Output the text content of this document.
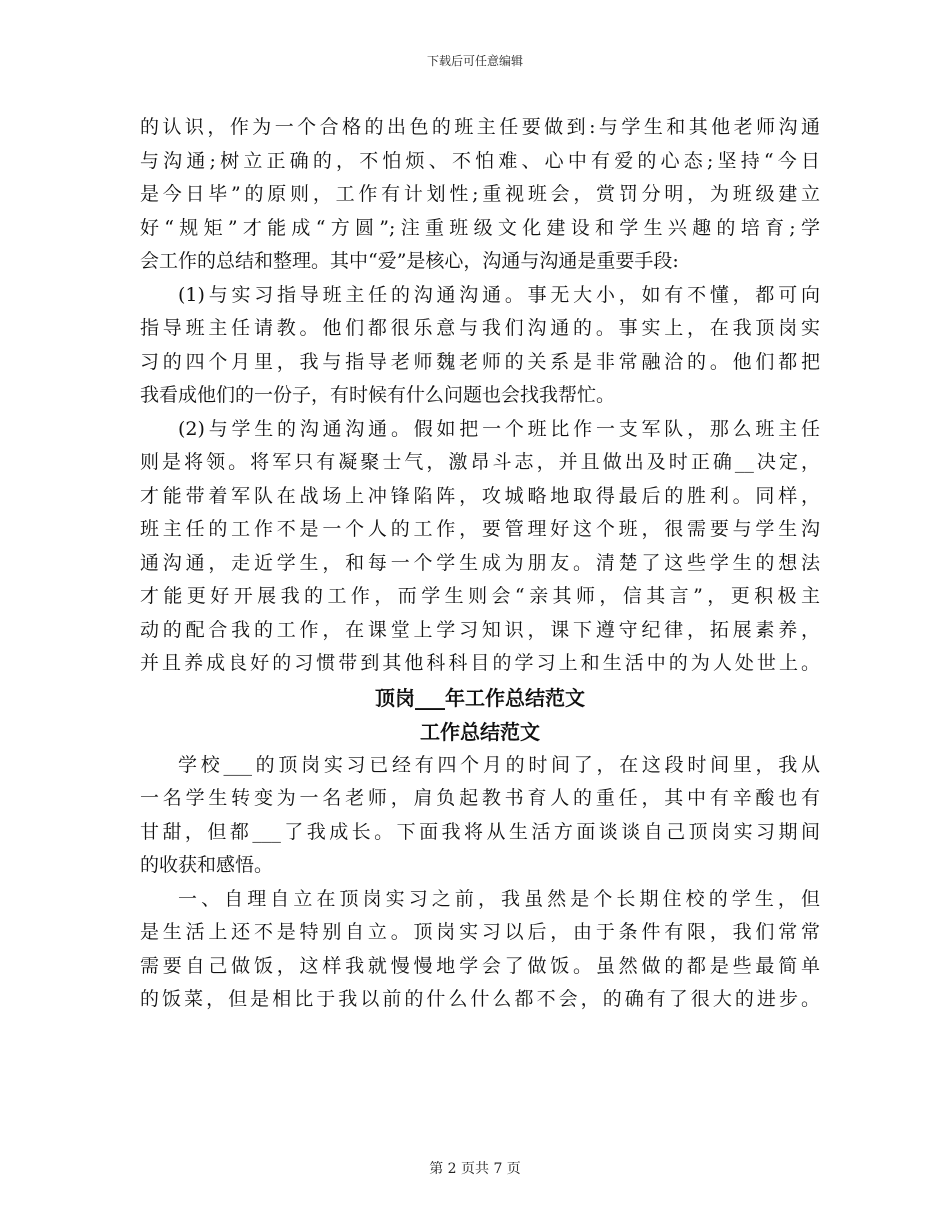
下载后可任意编辑
的认识，作为一个合格的出色的班主任要做到:与学生和其他老师沟通
与沟通;树立正确的，不怕烦、不怕难、心中有爱的心态;坚持“今日
是今日毕”的原则，工作有计划性;重视班会，赏罚分明，为班级建立
好“规矩”才能成“方圆”;注重班级文化建设和学生兴趣的培育;学
会工作的总结和整理。其中“爱”是核心，沟通与沟通是重要手段:
(1)与实习指导班主任的沟通沟通。事无大小，如有不懂，都可向
指导班主任请教。他们都很乐意与我们沟通的。事实上，在我顶岗实
习的四个月里，我与指导老师魏老师的关系是非常融洽的。他们都把
我看成他们的一份子，有时候有什么问题也会找我帮忙。
(2)与学生的沟通沟通。假如把一个班比作一支军队，那么班主任
则是将领。将军只有凝聚士气，激昂斗志，并且做出及时正确__决定，
才能带着军队在战场上冲锋陷阵，攻城略地取得最后的胜利。同样，
班主任的工作不是一个人的工作，要管理好这个班，很需要与学生沟
通沟通，走近学生，和每一个学生成为朋友。清楚了这些学生的想法
才能更好开展我的工作，而学生则会“亲其师，信其言”，更积极主
动的配合我的工作，在课堂上学习知识，课下遵守纪律，拓展素养，
并且养成良好的习惯带到其他科科目的学习上和生活中的为人处世上。
顶岗___年工作总结范文
工作总结范文
学校___的顶岗实习已经有四个月的时间了，在这段时间里，我从
一名学生转变为一名老师，肩负起教书育人的重任，其中有辛酸也有
甘甜，但都___了我成长。下面我将从生活方面谈谈自己顶岗实习期间
的收获和感悟。
一、自理自立在顶岗实习之前，我虽然是个长期住校的学生，但
是生活上还不是特别自立。顶岗实习以后，由于条件有限，我们常常
需要自己做饭，这样我就慢慢地学会了做饭。虽然做的都是些最简单
的饭菜，但是相比于我以前的什么什么都不会，的确有了很大的进步。
第 2 页共 7 页
